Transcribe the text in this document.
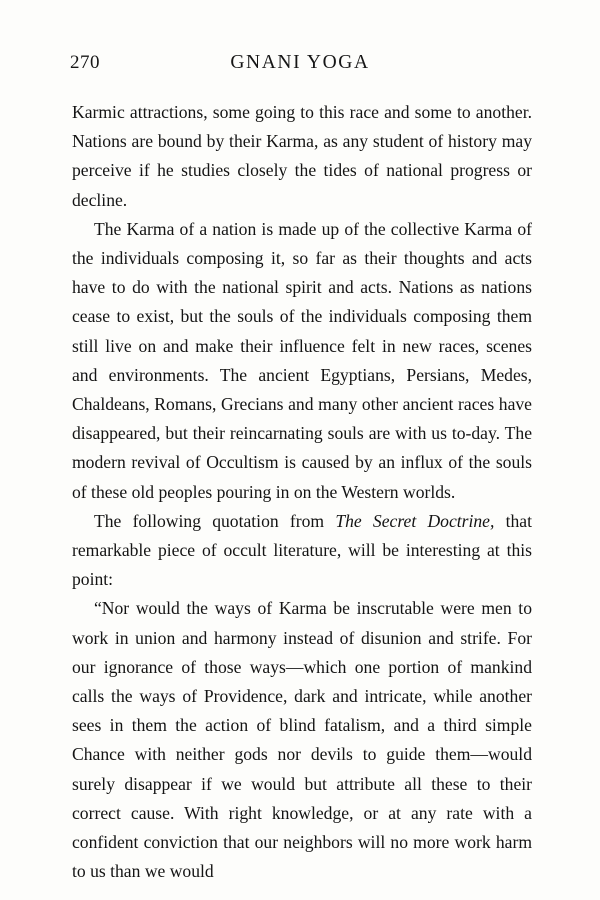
270	GNANI YOGA

Karmic attractions, some going to this race and some to another. Nations are bound by their Karma, as any student of history may perceive if he studies closely the tides of national progress or decline.

The Karma of a nation is made up of the collective Karma of the individuals composing it, so far as their thoughts and acts have to do with the national spirit and acts. Nations as nations cease to exist, but the souls of the individuals composing them still live on and make their influence felt in new races, scenes and environments. The ancient Egyptians, Persians, Medes, Chaldeans, Romans, Grecians and many other ancient races have disappeared, but their reincarnating souls are with us to-day. The modern revival of Occultism is caused by an influx of the souls of these old peoples pouring in on the Western worlds.

The following quotation from The Secret Doctrine, that remarkable piece of occult literature, will be interesting at this point:

“Nor would the ways of Karma be inscrutable were men to work in union and harmony instead of disunion and strife. For our ignorance of those ways—which one portion of mankind calls the ways of Providence, dark and intricate, while another sees in them the action of blind fatalism, and a third simple Chance with neither gods nor devils to guide them—would surely disappear if we would but attribute all these to their correct cause. With right knowledge, or at any rate with a confident conviction that our neighbors will no more work harm to us than we would
